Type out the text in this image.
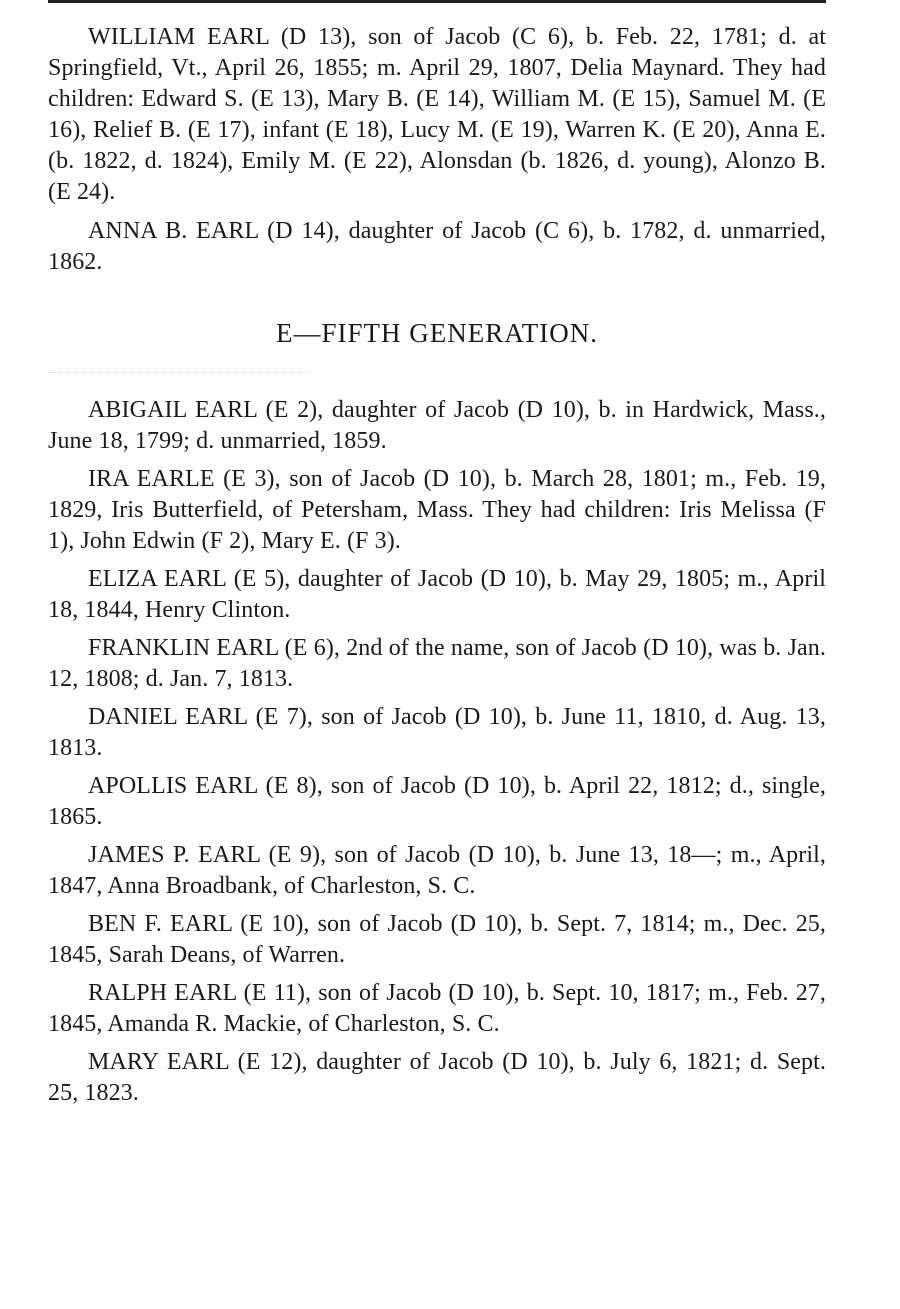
WILLIAM EARL (D 13), son of Jacob (C 6), b. Feb. 22, 1781; d. at Springfield, Vt., April 26, 1855; m. April 29, 1807, Delia Maynard. They had children: Edward S. (E 13), Mary B. (E 14), William M. (E 15), Samuel M. (E 16), Relief B. (E 17), infant (E 18), Lucy M. (E 19), Warren K. (E 20), Anna E. (b. 1822, d. 1824), Emily M. (E 22), Alonsdan (b. 1826, d. young), Alonzo B. (E 24).

ANNA B. EARL (D 14), daughter of Jacob (C 6), b. 1782, d. unmarried, 1862.

E—FIFTH GENERATION.

ABIGAIL EARL (E 2), daughter of Jacob (D 10), b. in Hardwick, Mass., June 18, 1799; d. unmarried, 1859.

IRA EARLE (E 3), son of Jacob (D 10), b. March 28, 1801; m., Feb. 19, 1829, Iris Butterfield, of Petersham, Mass. They had children: Iris Melissa (F 1), John Edwin (F 2), Mary E. (F 3).

ELIZA EARL (E 5), daughter of Jacob (D 10), b. May 29, 1805; m., April 18, 1844, Henry Clinton.

FRANKLIN EARL (E 6), 2nd of the name, son of Jacob (D 10), was b. Jan. 12, 1808; d. Jan. 7, 1813.

DANIEL EARL (E 7), son of Jacob (D 10), b. June 11, 1810, d. Aug. 13, 1813.

APOLLIS EARL (E 8), son of Jacob (D 10), b. April 22, 1812; d., single, 1865.

JAMES P. EARL (E 9), son of Jacob (D 10), b. June 13, 18—; m., April, 1847, Anna Broadbank, of Charleston, S. C.

BEN F. EARL (E 10), son of Jacob (D 10), b. Sept. 7, 1814; m., Dec. 25, 1845, Sarah Deans, of Warren.

RALPH EARL (E 11), son of Jacob (D 10), b. Sept. 10, 1817; m., Feb. 27, 1845, Amanda R. Mackie, of Charleston, S. C.

MARY EARL (E 12), daughter of Jacob (D 10), b. July 6, 1821; d. Sept. 25, 1823.
